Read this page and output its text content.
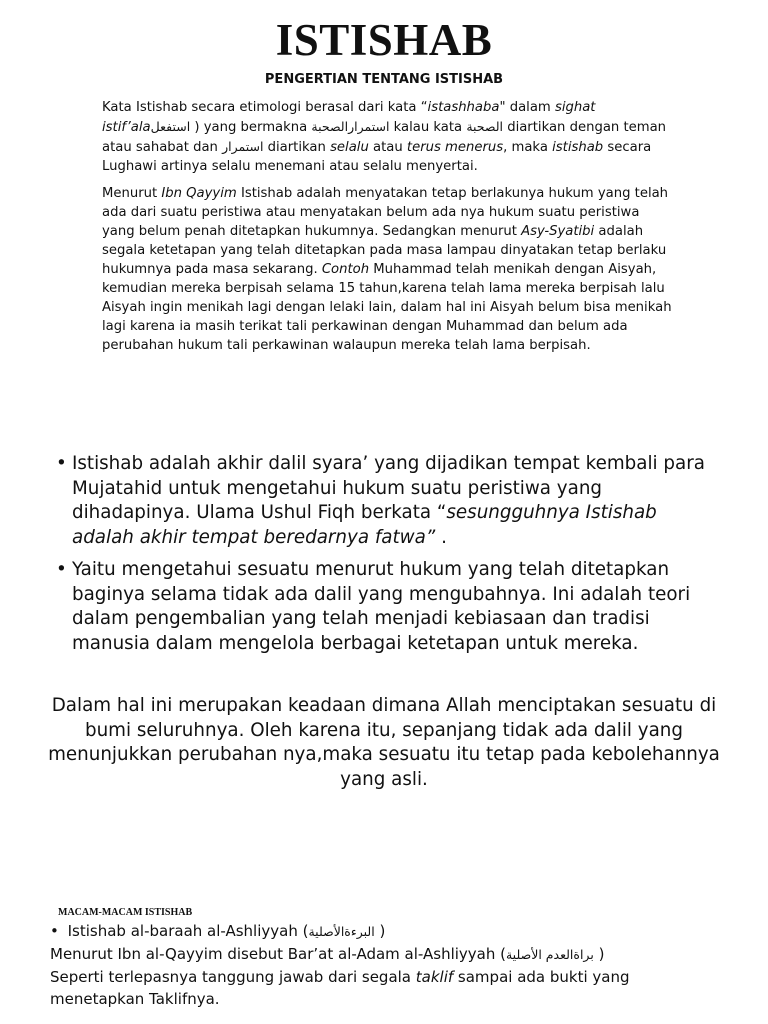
ISTISHAB
PENGERTIAN TENTANG ISTISHAB

Kata Istishab secara etimologi berasal dari kata “istashhaba" dalam sighat istif’alaاستفعل ) yang bermakna استمرارالصحبة kalau kata الصحبة diartikan dengan teman atau sahabat dan استمرار diartikan selalu atau terus menerus, maka istishab secara Lughawi artinya selalu menemani atau selalu menyertai.

Menurut Ibn Qayyim Istishab adalah menyatakan tetap berlakunya hukum yang telah ada dari suatu peristiwa atau menyatakan belum ada nya hukum suatu peristiwa yang belum penah ditetapkan hukumnya. Sedangkan menurut Asy-Syatibi adalah segala ketetapan yang telah ditetapkan pada masa lampau dinyatakan tetap berlaku hukumnya pada masa sekarang. Contoh Muhammad telah menikah dengan Aisyah, kemudian mereka berpisah selama 15 tahun,karena telah lama mereka berpisah lalu Aisyah ingin menikah lagi dengan lelaki lain, dalam hal ini Aisyah belum bisa menikah lagi karena ia masih terikat tali perkawinan dengan Muhammad dan belum ada perubahan hukum tali perkawinan walaupun mereka telah lama berpisah.

• Istishab adalah akhir dalil syara’ yang dijadikan tempat kembali para Mujatahid untuk mengetahui hukum suatu peristiwa yang dihadapinya. Ulama Ushul Fiqh berkata “sesungguhnya Istishab adalah akhir tempat beredarnya fatwa” .
• Yaitu mengetahui sesuatu menurut hukum yang telah ditetapkan baginya selama tidak ada dalil yang mengubahnya. Ini adalah teori dalam pengembalian yang telah menjadi kebiasaan dan tradisi manusia dalam mengelola berbagai ketetapan untuk mereka.

Dalam hal ini merupakan keadaan dimana Allah menciptakan sesuatu di bumi seluruhnya. Oleh karena itu, sepanjang tidak ada dalil yang menunjukkan perubahan nya,maka sesuatu itu tetap pada kebolehannya yang asli.

MACAM-MACAM ISTISHAB

• Istishab al-baraah al-Ashliyyah (البرءةالأصلية )

Menurut Ibn al-Qayyim disebut Bar’at al-Adam al-Ashliyyah (براةالعدم الأصلية )

Seperti terlepasnya tanggung jawab dari segala taklif sampai ada bukti yang menetapkan Taklifnya.
